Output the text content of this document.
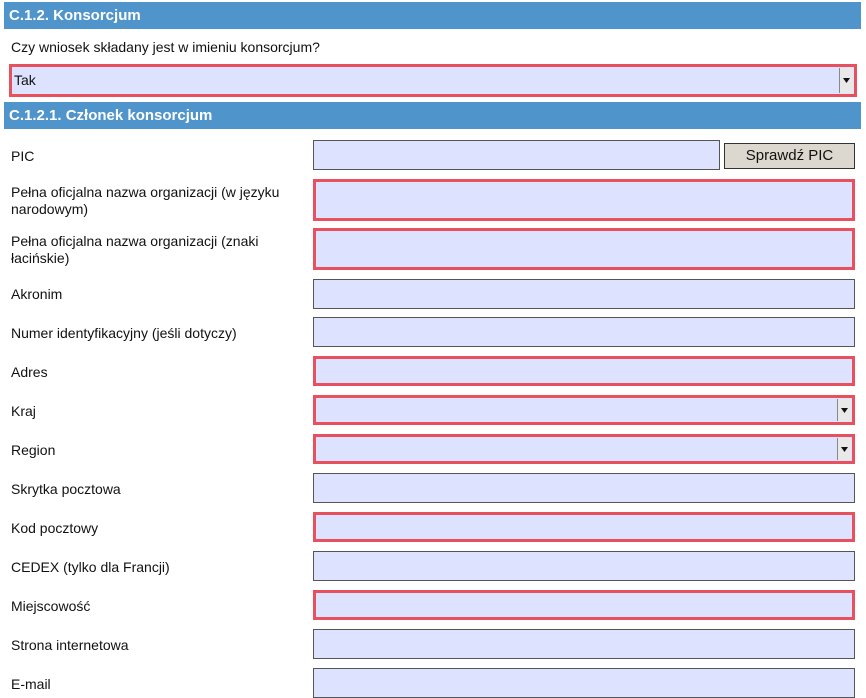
C.1.2. Konsorcjum
Czy wniosek składany jest w imieniu konsorcjum?
Tak
C.1.2.1. Członek konsorcjum
PIC	Sprawdź PIC
Pełna oficjalna nazwa organizacji (w języku narodowym)
Pełna oficjalna nazwa organizacji (znaki łacińskie)
Akronim
Numer identyfikacyjny (jeśli dotyczy)
Adres
Kraj
Region
Skrytka pocztowa
Kod pocztowy
CEDEX (tylko dla Francji)
Miejscowość
Strona internetowa
E-mail
